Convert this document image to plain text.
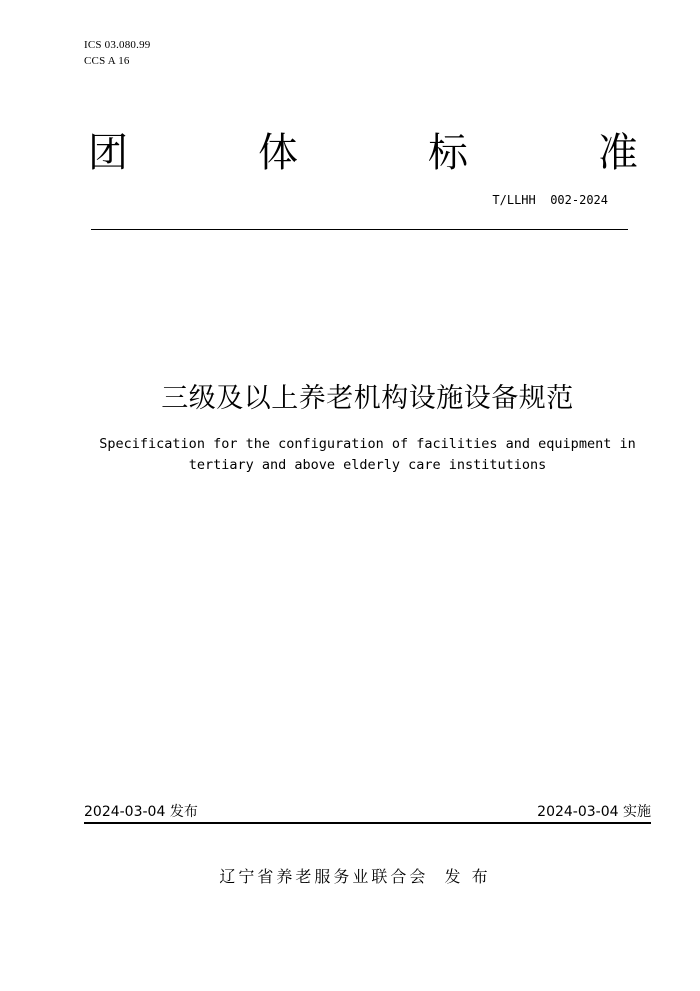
ICS 03.080.99
CCS A 16
团	体	标	准
T/LLHH  002-2024
三级及以上养老机构设施设备规范
Specification for the configuration of facilities and equipment in
tertiary and above elderly care institutions
2024-03-04 发布	2024-03-04 实施
辽宁省养老服务业联合会 发 布
